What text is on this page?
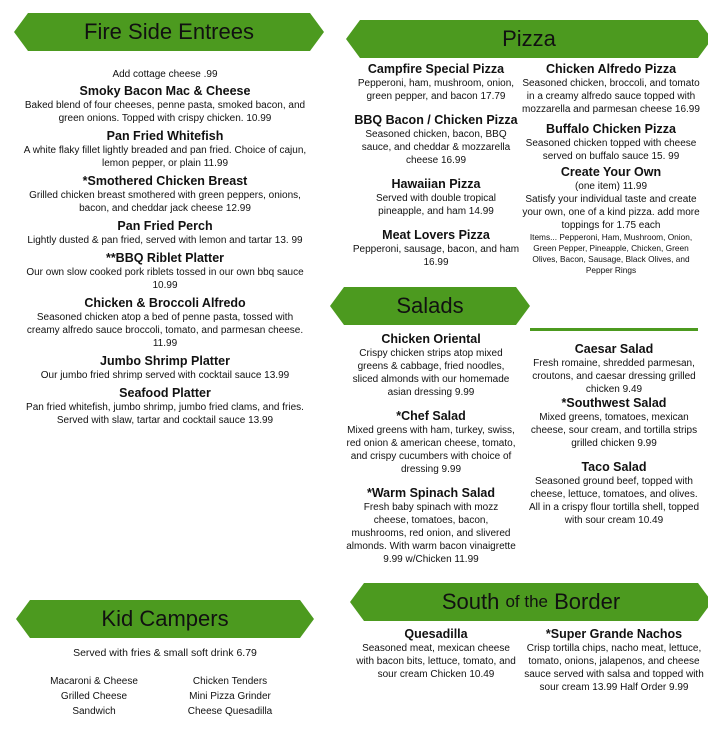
Fire Side Entrees	Pizza
Salads
Kid Campers
South
of the
Border
Add cottage cheese .99
Smoky Bacon Mac & Cheese
Baked blend of four cheeses, penne pasta, smoked bacon, and green onions. Topped with crispy chicken. 10.99
Pan Fried Whitefish
A white flaky fillet lightly breaded and pan fried. Choice of cajun, lemon pepper, or plain 11.99
*Smothered Chicken Breast
Grilled chicken breast smothered with green peppers, onions, bacon, and cheddar jack cheese 12.99
Pan Fried Perch
Lightly dusted & pan fried, served with lemon and tartar 13. 99
**BBQ Riblet Platter
Our own slow cooked pork riblets tossed in our own bbq sauce 10.99
Chicken & Broccoli Alfredo
Seasoned chicken atop a bed of penne pasta, tossed with creamy alfredo sauce broccoli, tomato, and parmesan cheese. 11.99
Jumbo Shrimp Platter
Our jumbo fried shrimp served with cocktail sauce 13.99
Seafood Platter
Pan fried whitefish, jumbo shrimp, jumbo fried clams, and fries. Served with slaw, tartar and cocktail sauce 13.99
Campfire Special Pizza
Pepperoni, ham, mushroom, onion, green pepper, and bacon 17.79
BBQ Bacon / Chicken Pizza
Seasoned chicken, bacon, BBQ sauce, and cheddar & mozzarella cheese 16.99
Hawaiian Pizza
Served with double tropical pineapple, and ham 14.99
Meat Lovers Pizza
Pepperoni, sausage, bacon, and ham 16.99
Chicken Alfredo Pizza
Seasoned chicken, broccoli, and tomato in a creamy alfredo sauce topped with mozzarella and parmesan cheese 16.99
Buffalo Chicken Pizza
Seasoned chicken topped with cheese served on buffalo sauce 15. 99
Create Your Own
(one item) 11.99
Satisfy your individual taste and create your own, one of a kind pizza. add more toppings for 1.75 each
Items... Pepperoni, Ham, Mushroom, Onion, Green Pepper, Pineapple, Chicken, Green Olives, Bacon, Sausage, Black Olives, and Pepper Rings
Chicken Oriental
Crispy chicken strips atop mixed greens & cabbage, fried noodles, sliced almonds with our homemade asian dressing 9.99
*Chef Salad
Mixed greens with ham, turkey, swiss, red onion & american cheese, tomato, and crispy cucumbers with choice of dressing 9.99
*Warm Spinach Salad
Fresh baby spinach with mozz cheese, tomatoes, bacon, mushrooms, red onion, and slivered almonds. With warm bacon vinaigrette 9.99 w/Chicken 11.99
Caesar Salad
Fresh romaine, shredded parmesan, croutons, and caesar dressing grilled chicken 9.49
*Southwest Salad
Mixed greens, tomatoes, mexican cheese, sour cream, and tortilla strips grilled chicken 9.99
Taco Salad
Seasoned ground beef, topped with cheese, lettuce, tomatoes, and olives. All in a crispy flour tortilla shell, topped with sour cream 10.49
Served with fries & small soft drink 6.79
Macaroni & Cheese
Grilled Cheese
Sandwich
Chicken Tenders
Mini Pizza Grinder
Cheese Quesadilla
Quesadilla
Seasoned meat, mexican cheese with bacon bits, lettuce, tomato, and sour cream Chicken 10.49
*Super Grande Nachos
Crisp tortilla chips, nacho meat, lettuce, tomato, onions, jalapenos, and cheese sauce served with salsa and topped with sour cream 13.99 Half Order 9.99
